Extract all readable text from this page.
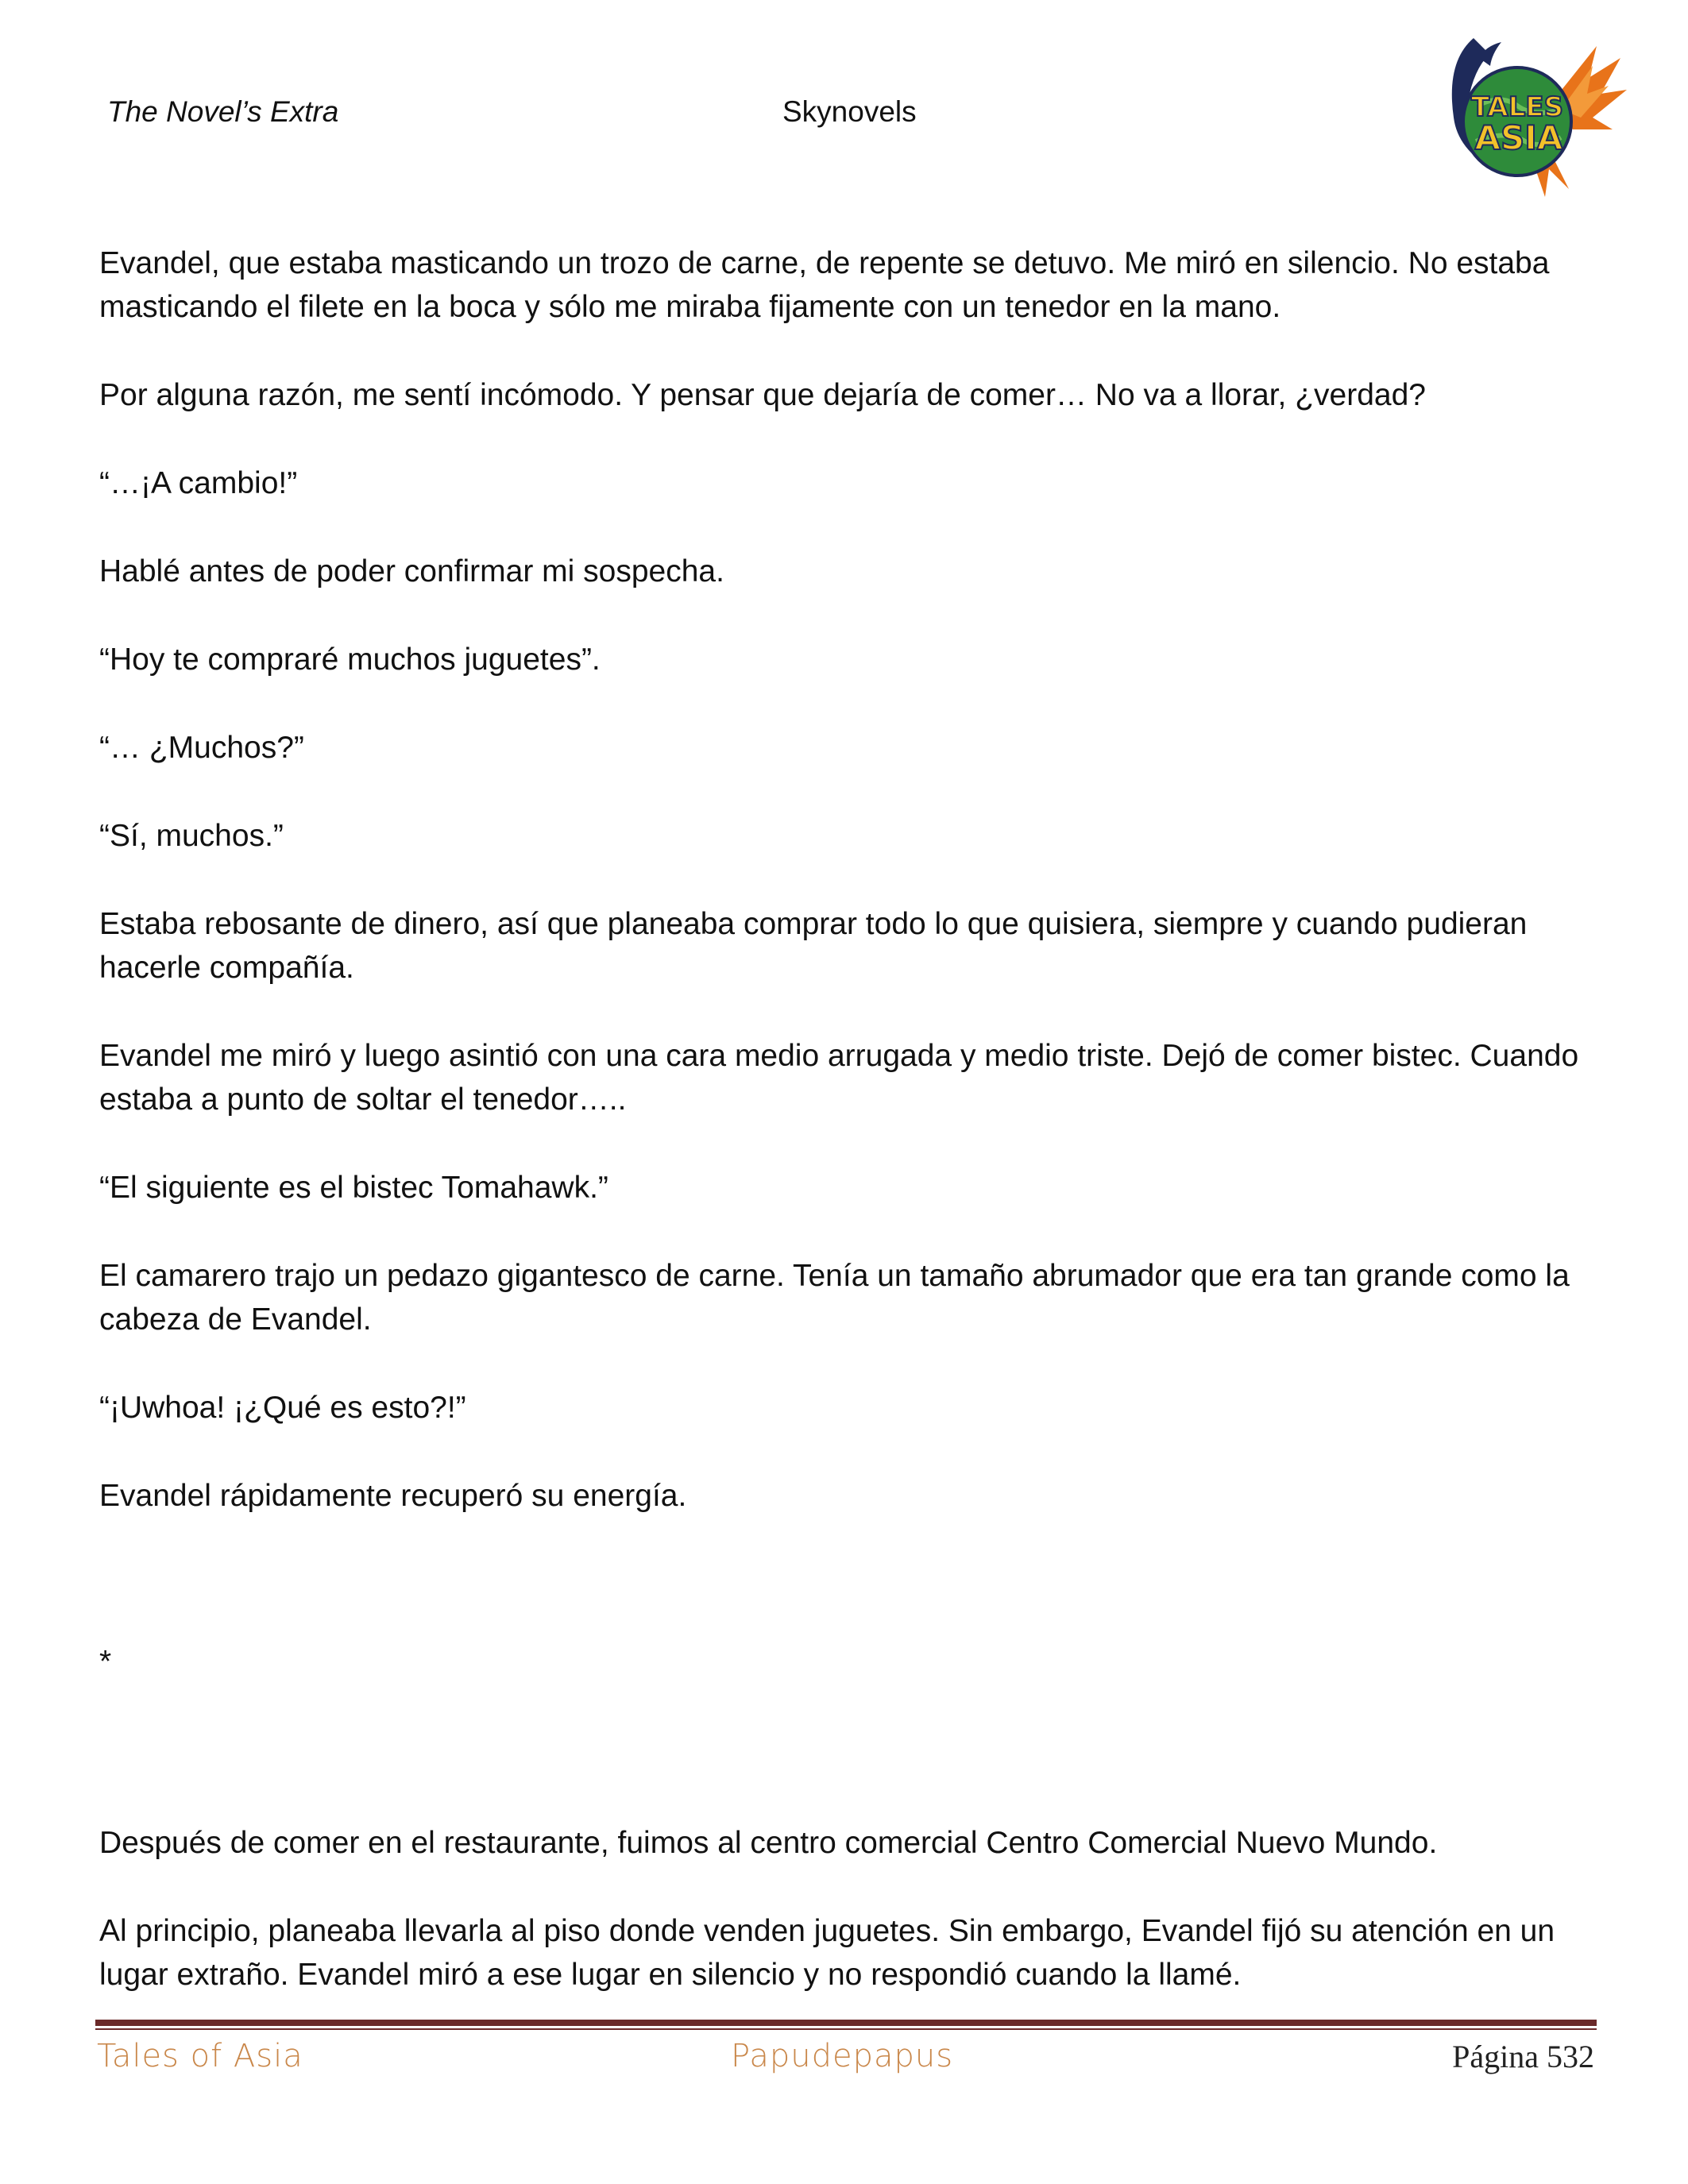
The Novel’s Extra	Skynovels	TALES
ASIA

Evandel, que estaba masticando un trozo de carne, de repente se detuvo. Me miró en silencio. No estaba masticando el filete en la boca y sólo me miraba fijamente con un tenedor en la mano.

Por alguna razón, me sentí incómodo. Y pensar que dejaría de comer… No va a llorar, ¿verdad?

“…¡A cambio!”

Hablé antes de poder confirmar mi sospecha.

“Hoy te compraré muchos juguetes”.

“… ¿Muchos?”

“Sí, muchos.”

Estaba rebosante de dinero, así que planeaba comprar todo lo que quisiera, siempre y cuando pudieran hacerle compañía.

Evandel me miró y luego asintió con una cara medio arrugada y medio triste. Dejó de comer bistec. Cuando estaba a punto de soltar el tenedor…..

“El siguiente es el bistec Tomahawk.”

El camarero trajo un pedazo gigantesco de carne. Tenía un tamaño abrumador que era tan grande como la cabeza de Evandel.

“¡Uwhoa! ¡¿Qué es esto?!”

Evandel rápidamente recuperó su energía.

*

Después de comer en el restaurante, fuimos al centro comercial Centro Comercial Nuevo Mundo.

Al principio, planeaba llevarla al piso donde venden juguetes. Sin embargo, Evandel fijó su atención en un lugar extraño. Evandel miró a ese lugar en silencio y no respondió cuando la llamé.

Tales of Asia	Papudepapus	Página 532
